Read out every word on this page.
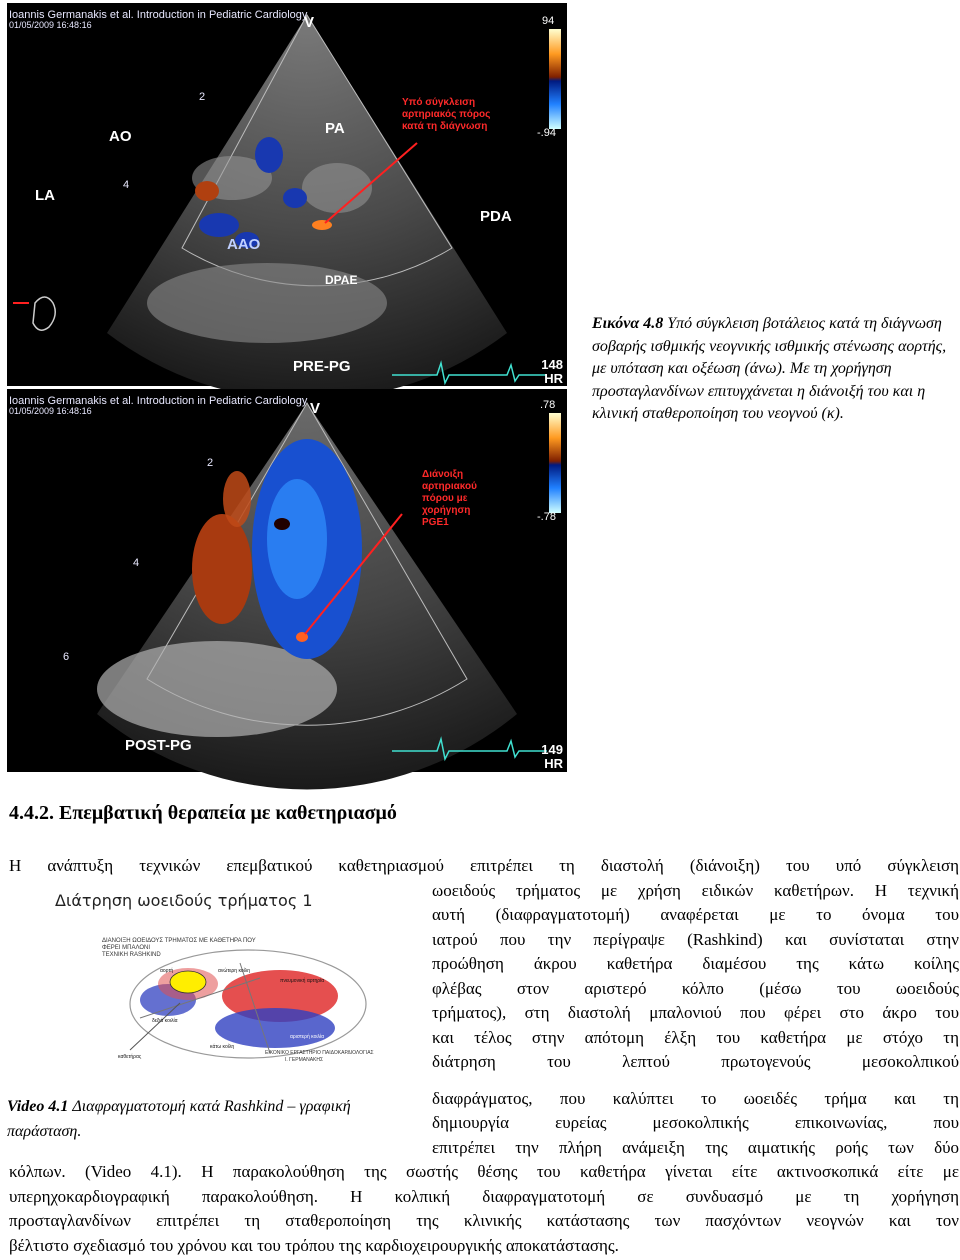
Ioannis Germanakis et al. Introduction in Pediatric Cardiology
01/05/2009 16:48:16	V
AO	PA
LA
PDA
AAO
DPAE
PRE-PG
2
4
Υπό σύγκλειση
αρτηριακός πόρος
κατά τη διάγνωση
94
-.94
148
HR
Ioannis Germanakis et al. Introduction in Pediatric Cardiology
01/05/2009 16:48:16	V
POST-PG
2
4
6
Διάνοιξη
αρτηριακού
πόρου με
χορήγηση
PGE1
.78
-.78
149
HR
Εικόνα 4.8 Υπό σύγκλειση βοτάλειος κατά τη διάγνωση σοβαρής ισθμικής νεογνικής ισθμικής στένωσης αορτής, με υπόταση και οξέωση (άνω). Με τη χορήγηση προσταγλανδίνων επιτυγχάνεται η διάνοιξή του και η κλινική σταθεροποίηση του νεογνού (κ).
4.4.2. Επεμβατική θεραπεία με καθετηριασμό
Η ανάπτυξη τεχνικών επεμβατικού καθετηριασμού επιτρέπει τη διαστολή (διάνοιξη) του υπό σύγκλειση
ωοειδούς τρήματος με χρήση ειδικών καθετήρων. Η τεχνική
αυτή (διαφραγματοτομή) αναφέρεται με το όνομα του
ιατρού που την περίγραψε (Rashkind) και συνίσταται στην
προώθηση άκρου καθετήρα διαμέσου της κάτω κοίλης
φλέβας στον αριστερό κόλπο (μέσω του ωοειδούς
τρήματος), στη διαστολή μπαλονιού που φέρει στο άκρο του
και τέλος στην απότομη έλξη του καθετήρα με στόχο τη
διάτρηση του λεπτού πρωτογενούς μεσοκολπικού
διαφράγματος, που καλύπτει το ωοειδές τρήμα και τη
δημιουργία ευρείας μεσοκολπικής επικοινωνίας, που
επιτρέπει την πλήρη ανάμειξη της αιματικής ροής των δύο
κόλπων. (Video 4.1). Η παρακολούθηση της σωστής θέσης του καθετήρα γίνεται είτε ακτινοσκοπικά είτε με
υπερηχοκαρδιογραφική παρακολούθηση. Η κολπική διαφραγματοτομή σε συνδυασμό με τη χορήγηση
προσταγλανδίνων επιτρέπει τη σταθεροποίηση της κλινικής κατάστασης των πασχόντων νεογνών και τον
βέλτιστο σχεδιασμό του χρόνου και του τρόπου της καρδιοχειρουργικής αποκατάστασης.
Διάτρηση ωοειδούς τρήματος 1
ΔΙΑΝΟΙΞΗ ΩΟΕΙΔΟΥΣ ΤΡΗΜΑΤΟΣ ΜΕ ΚΑΘΕΤΗΡΑ ΠΟΥ
ΦΕΡΕΙ ΜΠΑΛΟΝΙ
ΤΕΧΝΙΚΗ RASHKIND
ανώτερη κοίλη
πνευμονική αρτηρία
αορτή
δεξιά κοιλία
αριστερή κοιλία
κάτω κοίλη
καθετήρας
ΕΙΚΟΝΙΚΟ ΕΡΓΑΣΤΗΡΙΟ ΠΑΙΔΟΚΑΡΔΙΟΛΟΓΙΑΣ
Ι. ΓΕΡΜΑΝΑΚΗΣ
Video 4.1 Διαφραγματοτομή κατά Rashkind – γραφική παράσταση.
